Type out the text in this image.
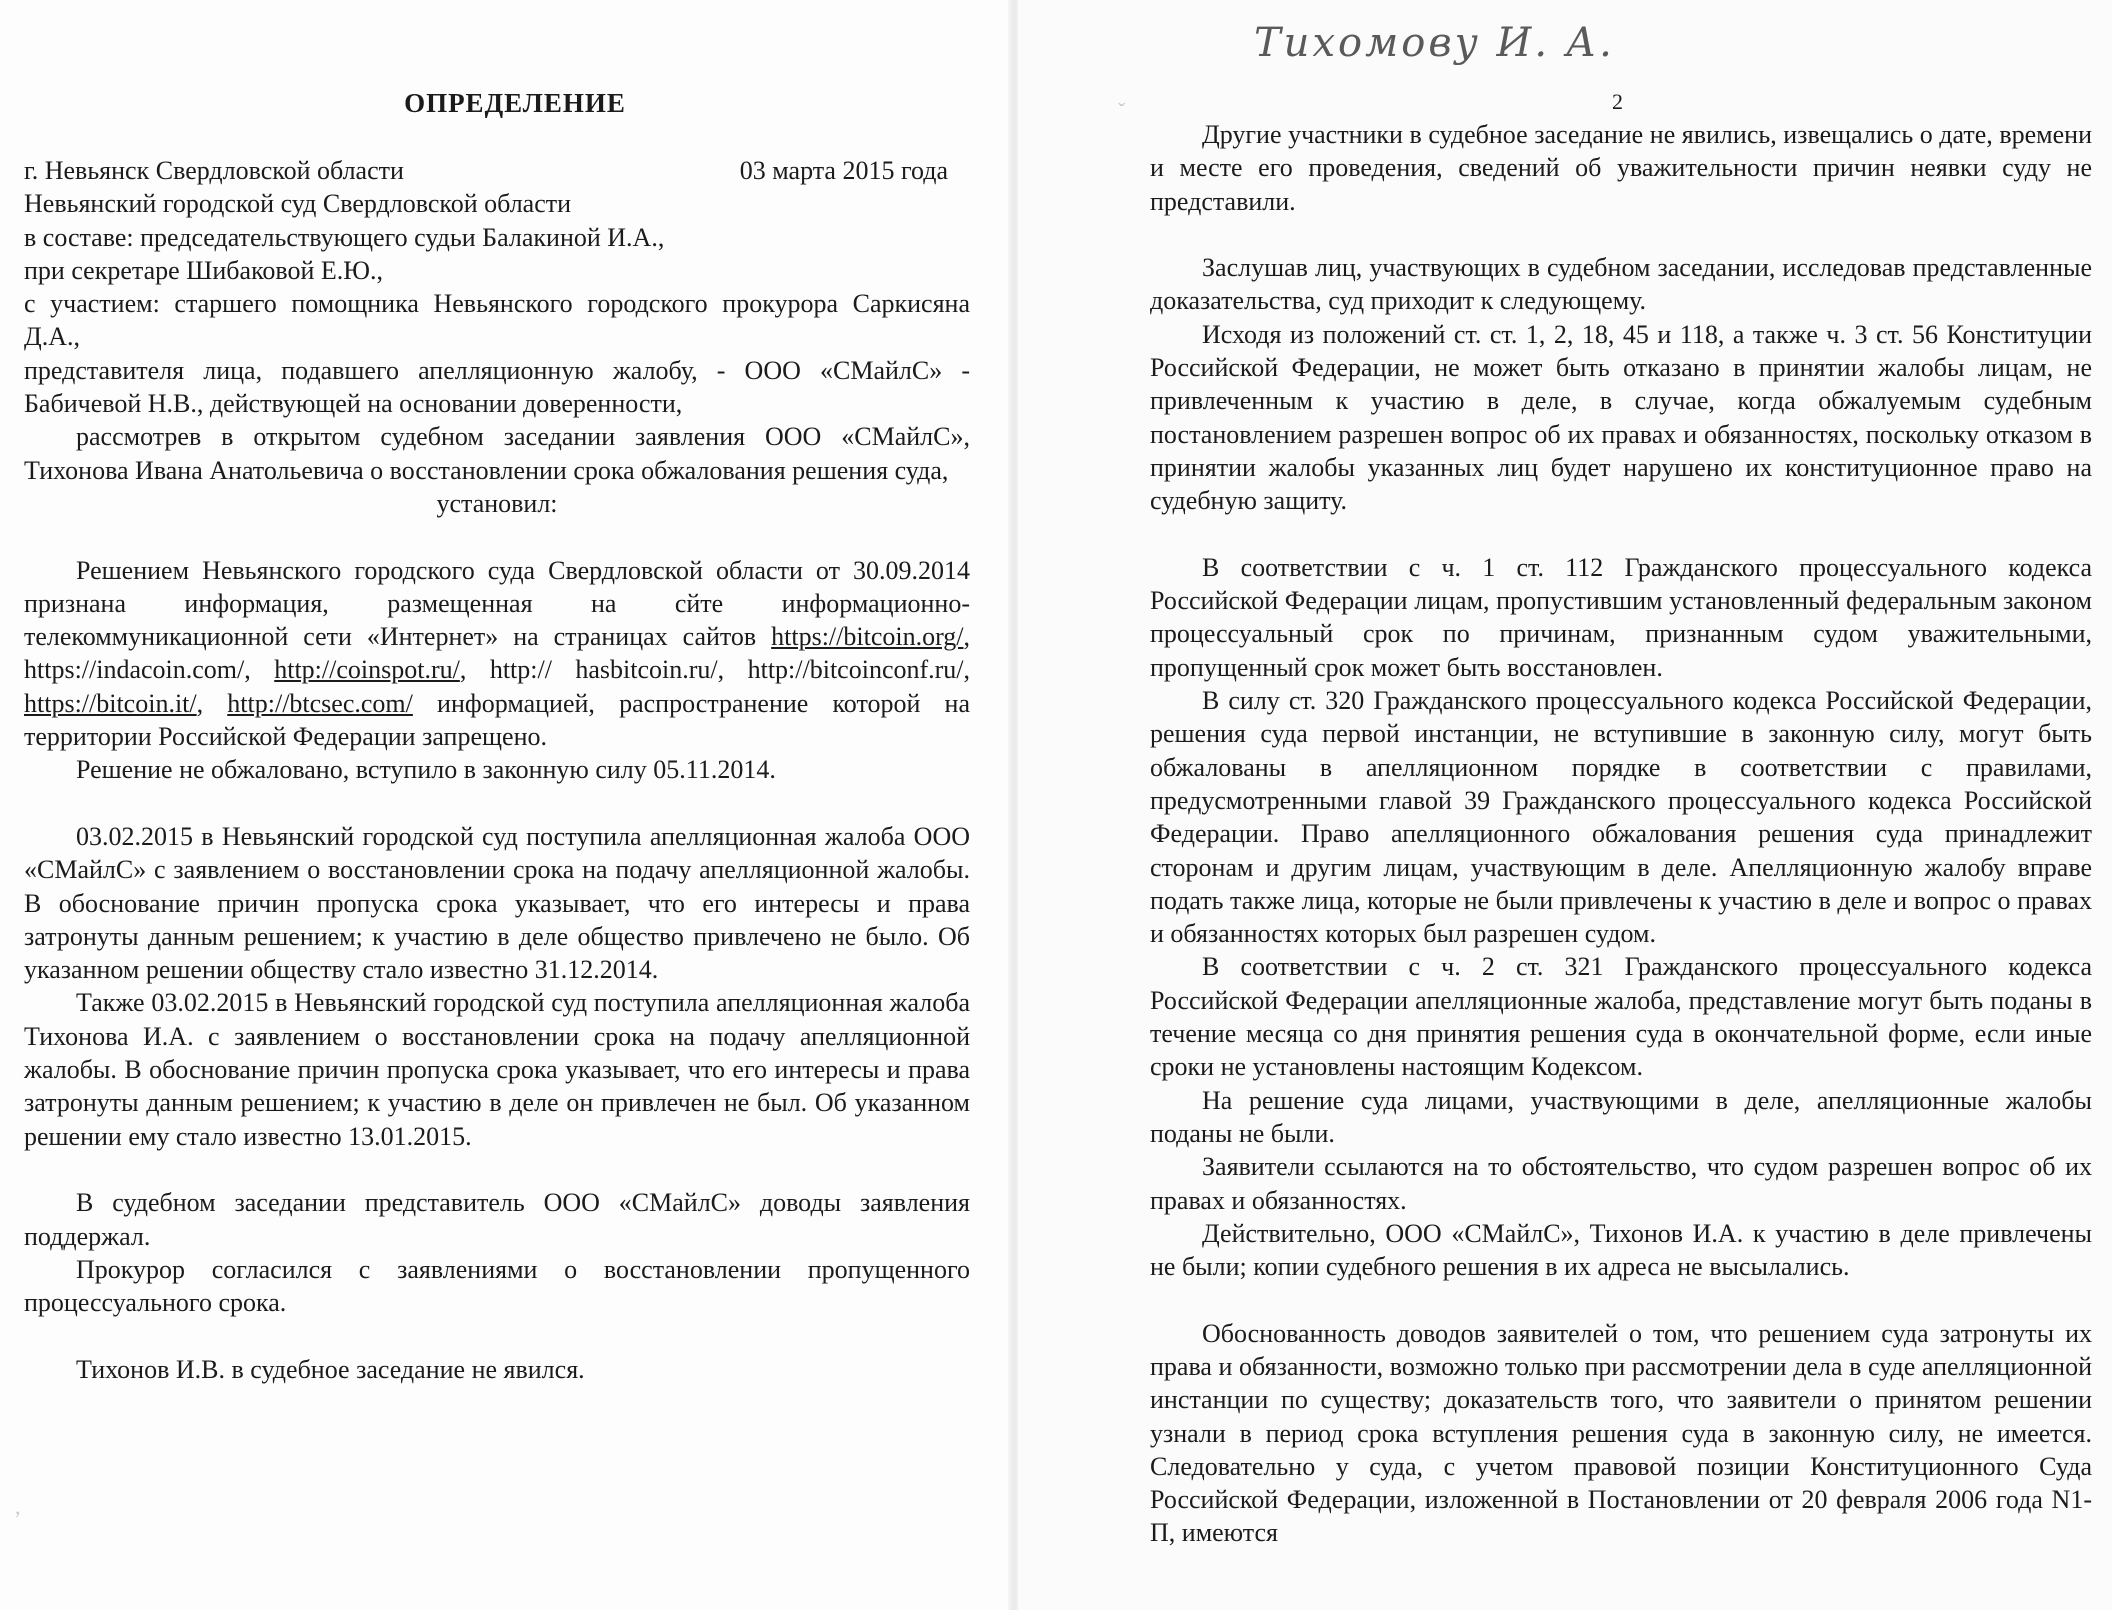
Тихомову И. А.
ˇ
‚
ОПРЕДЕЛЕНИЕ
г. Невьянск Свердловской области	03 марта 2015 года

Невьянский городской суд Свердловской области

в составе: председательствующего судьи Балакиной И.А.,

при секретаре Шибаковой Е.Ю.,

с участием: старшего помощника Невьянского городского прокурора Саркисяна Д.А.,

представителя лица, подавшего апелляционную жалобу, - ООО «СМайлС» - Бабичевой Н.В., действующей на основании доверенности,

рассмотрев в открытом судебном заседании заявления ООО «СМайлС», Тихонова Ивана Анатольевича о восстановлении срока обжалования решения суда,

установил:

Решением Невьянского городского суда Свердловской области от 30.09.2014 признана информация, размещенная на сйте информационно-телекоммуникационной сети «Интернет» на страницах сайтов https://bitcoin.org/, https://indacoin.com/, http://coinspot.ru/, http:// hasbitcoin.ru/, http://bitcoinconf.ru/, https://bitcoin.it/, http://btcsec.com/ информацией, распространение которой на территории Российской Федерации запрещено.

Решение не обжаловано, вступило в законную силу 05.11.2014.

03.02.2015 в Невьянский городской суд поступила апелляционная жалоба ООО «СМайлС» с заявлением о восстановлении срока на подачу апелляционной жалобы. В обоснование причин пропуска срока указывает, что его интересы и права затронуты данным решением; к участию в деле общество привлечено не было. Об указанном решении обществу стало известно 31.12.2014.

Также 03.02.2015 в Невьянский городской суд поступила апелляционная жалоба Тихонова И.А. с заявлением о восстановлении срока на подачу апелляционной жалобы. В обоснование причин пропуска срока указывает, что его интересы и права затронуты данным решением; к участию в деле он привлечен не был. Об указанном решении ему стало известно 13.01.2015.

В судебном заседании представитель ООО «СМайлС» доводы заявления поддержал.

Прокурор согласился с заявлениями о восстановлении пропущенного процессуального срока.

Тихонов И.В. в судебное заседание не явился.

2

Другие участники в судебное заседание не явились, извещались о дате, времени и месте его проведения, сведений об уважительности причин неявки суду не представили.

Заслушав лиц, участвующих в судебном заседании, исследовав представленные доказательства, суд приходит к следующему.

Исходя из положений ст. ст. 1, 2, 18, 45 и 118, а также ч. 3 ст. 56 Конституции Российской Федерации, не может быть отказано в принятии жалобы лицам, не привлеченным к участию в деле, в случае, когда обжалуемым судебным постановлением разрешен вопрос об их правах и обязанностях, поскольку отказом в принятии жалобы указанных лиц будет нарушено их конституционное право на судебную защиту.

В соответствии с ч. 1 ст. 112 Гражданского процессуального кодекса Российской Федерации лицам, пропустившим установленный федеральным законом процессуальный срок по причинам, признанным судом уважительными, пропущенный срок может быть восстановлен.

В силу ст. 320 Гражданского процессуального кодекса Российской Федерации, решения суда первой инстанции, не вступившие в законную силу, могут быть обжалованы в апелляционном порядке в соответствии с правилами, предусмотренными главой 39 Гражданского процессуального кодекса Российской Федерации. Право апелляционного обжалования решения суда принадлежит сторонам и другим лицам, участвующим в деле. Апелляционную жалобу вправе подать также лица, которые не были привлечены к участию в деле и вопрос о правах и обязанностях которых был разрешен судом.

В соответствии с ч. 2 ст. 321 Гражданского процессуального кодекса Российской Федерации апелляционные жалоба, представление могут быть поданы в течение месяца со дня принятия решения суда в окончательной форме, если иные сроки не установлены настоящим Кодексом.

На решение суда лицами, участвующими в деле, апелляционные жалобы поданы не были.

Заявители ссылаются на то обстоятельство, что судом разрешен вопрос об их правах и обязанностях.

Действительно, ООО «СМайлС», Тихонов И.А. к участию в деле привлечены не были; копии судебного решения в их адреса не высылались.

Обоснованность доводов заявителей о том, что решением суда затронуты их права и обязанности, возможно только при рассмотрении дела в суде апелляционной инстанции по существу; доказательств того, что заявители о принятом решении узнали в период срока вступления решения суда в законную силу, не имеется. Следовательно у суда, с учетом правовой позиции Конституционного Суда Российской Федерации, изложенной в Постановлении от 20 февраля 2006 года N1-П, имеются
